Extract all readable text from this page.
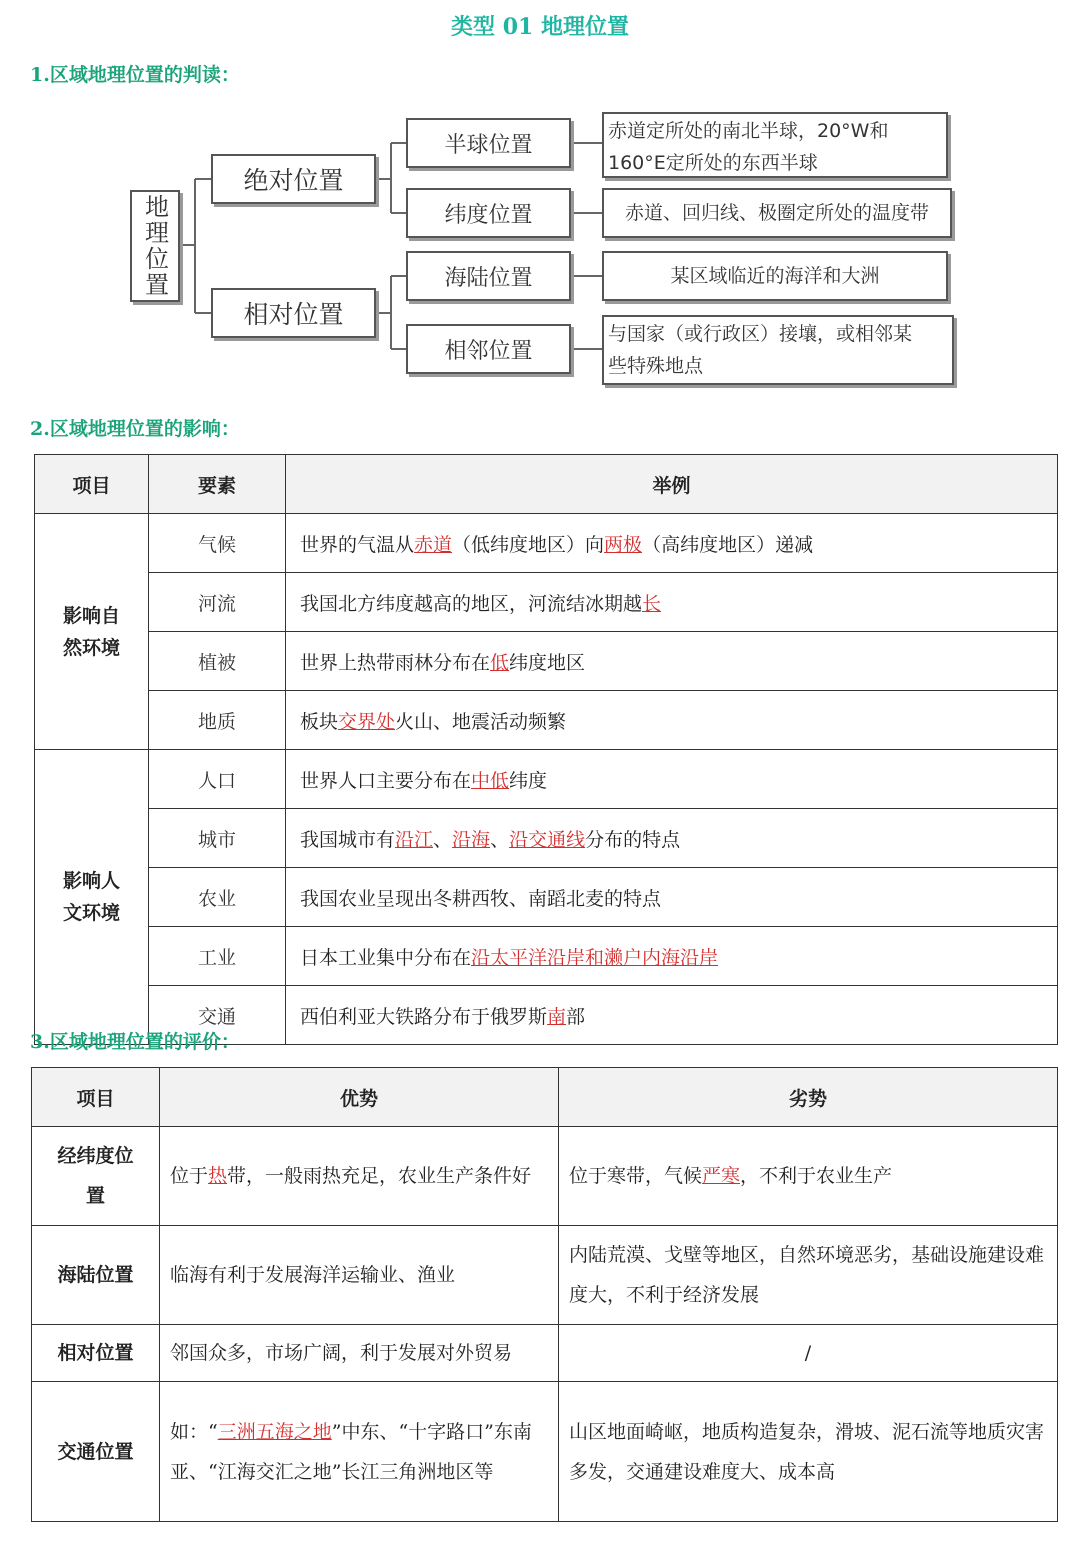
类型 01 地理位置
1.区域地理位置的判读：
地理位置
绝对位置
相对位置
半球位置
纬度位置
海陆位置
相邻位置
赤道定所处的南北半球，20°W和
160°E定所处的东西半球
赤道、回归线、极圈定所处的温度带
某区域临近的海洋和大洲
与国家（或行政区）接壤，或相邻某
些特殊地点
2.区域地理位置的影响：
项目	要素	举例

影响自
然环境	气候	世界的气温从赤道（低纬度地区）向两极（高纬度地区）递减
	河流	我国北方纬度越高的地区，河流结冰期越长
	植被	世界上热带雨林分布在低纬度地区
	地质	板块交界处火山、地震活动频繁

影响人
文环境	人口	世界人口主要分布在中低纬度
	城市	我国城市有沿江、沿海、沿交通线分布的特点
	农业	我国农业呈现出冬耕西牧、南蹈北麦的特点
	工业	日本工业集中分布在沿太平洋沿岸和濑户内海沿岸
	交通	西伯利亚大铁路分布于俄罗斯南部
3.区域地理位置的评价：
项目	优势	劣势

经纬度位
置	位于热带，一般雨热充足，农业生产条件好	位于寒带，气候严寒，不利于农业生产
海陆位置	临海有利于发展海洋运输业、渔业	内陆荒漠、戈壁等地区，自然环境恶劣，基础设施建设难度大，不利于经济发展
相对位置	邻国众多，市场广阔，利于发展对外贸易	/
交通位置	如：“三洲五海之地”中东、“十字路口”东南亚、“江海交汇之地”长江三角洲地区等	山区地面崎岖，地质构造复杂，滑坡、泥石流等地质灾害多发，交通建设难度大、成本高
